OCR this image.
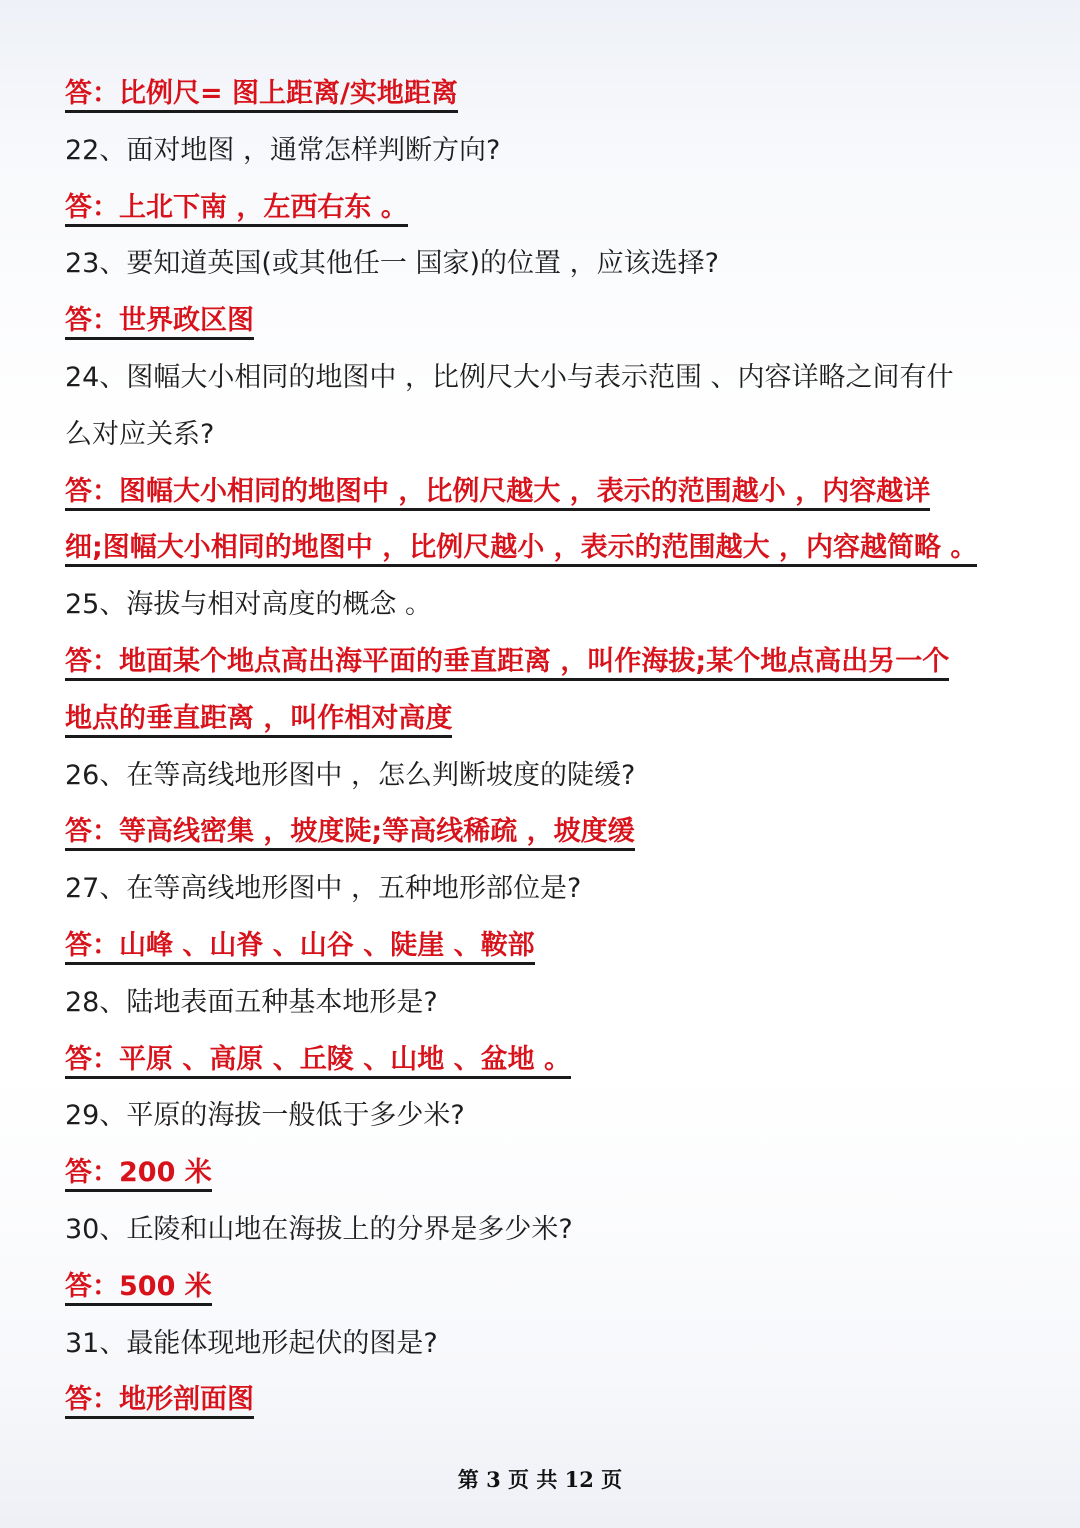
答：比例尺= 图上距离/实地距离
22、面对地图 ，通常怎样判断方向?
答：上北下南 ，左西右东 。
23、要知道英国(或其他任一 国家)的位置 ，应该选择?
答：世界政区图
24、图幅大小相同的地图中 ，比例尺大小与表示范围 、内容详略之间有什
么对应关系?
答：图幅大小相同的地图中 ，比例尺越大 ，表示的范围越小 ，内容越详
细;图幅大小相同的地图中 ，比例尺越小 ，表示的范围越大 ，内容越简略 。
25、海拔与相对高度的概念 。
答：地面某个地点高出海平面的垂直距离 ，叫作海拔;某个地点高出另一个
地点的垂直距离 ，叫作相对高度
26、在等高线地形图中 ，怎么判断坡度的陡缓?
答：等高线密集 ，坡度陡;等高线稀疏 ，坡度缓
27、在等高线地形图中 ，五种地形部位是?
答：山峰 、山脊 、山谷 、陡崖 、鞍部
28、陆地表面五种基本地形是?
答：平原 、高原 、丘陵 、山地 、盆地 。
29、平原的海拔一般低于多少米?
答：200 米
30、丘陵和山地在海拔上的分界是多少米?
答：500 米
31、最能体现地形起伏的图是?
答：地形剖面图
第 3 页 共 12 页
